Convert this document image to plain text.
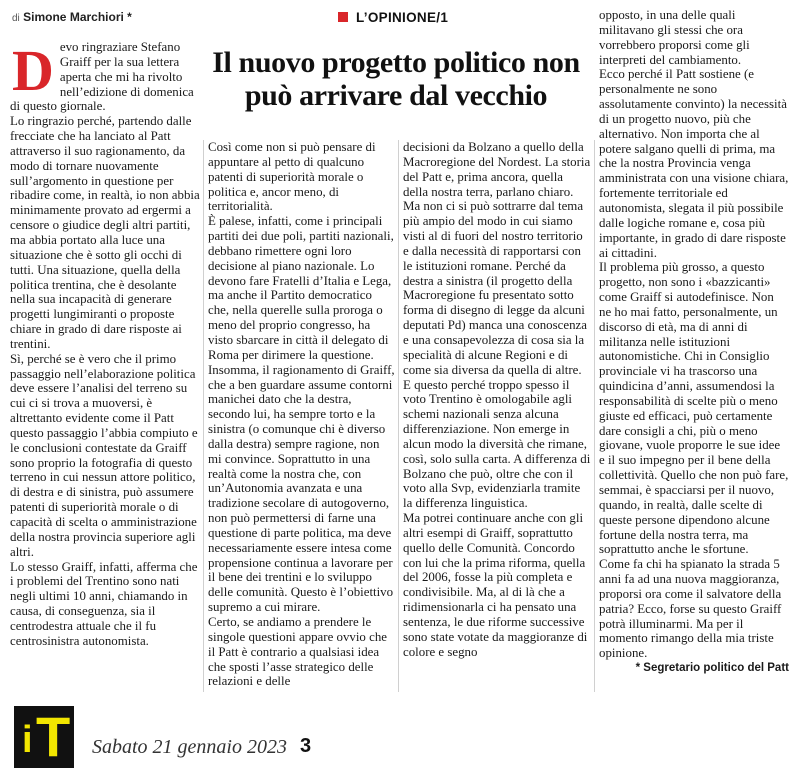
di Simone Marchiori *	L’OPINIONE/1
Il nuovo progetto politico non può arrivare dal vecchio
D evo ringraziare Stefano Graiff per la sua lettera aperta che mi ha rivolto nell’edizione di domenica di questo giornale.

Lo ringrazio perché, partendo dalle frecciate che ha lanciato al Patt attraverso il suo ragionamento, da modo di tornare nuovamente sull’argomento in questione per ribadire come, in realtà, io non abbia minimamente provato ad ergermi a censore o giudice degli altri partiti, ma abbia portato alla luce una situazione che è sotto gli occhi di tutti. Una situazione, quella della politica trentina, che è desolante nella sua incapacità di generare progetti lungimiranti o proposte chiare in grado di dare risposte ai trentini.

Sì, perché se è vero che il primo passaggio nell’elaborazione politica deve essere l’analisi del terreno su cui ci si trova a muoversi, è altrettanto evidente come il Patt questo passaggio l’abbia compiuto e le conclusioni contestate da Graiff sono proprio la fotografia di questo terreno in cui nessun attore politico, di destra e di sinistra, può assumere patenti di superiorità morale o di capacità di scelta o amministrazione della nostra provincia superiore agli altri.

Lo stesso Graiff, infatti, afferma che i problemi del Trentino sono nati negli ultimi 10 anni, chiamando in causa, di conseguenza, sia il centrodestra attuale che il fu centrosinistra autonomista.

Così come non si può pensare di appuntare al petto di qualcuno patenti di superiorità morale o politica e, ancor meno, di territorialità.

È palese, infatti, come i principali partiti dei due poli, partiti nazionali, debbano rimettere ogni loro decisione al piano nazionale. Lo devono fare Fratelli d’Italia e Lega, ma anche il Partito democratico che, nella querelle sulla proroga o meno del proprio congresso, ha visto sbarcare in città il delegato di Roma per dirimere la questione.

Insomma, il ragionamento di Graiff, che a ben guardare assume contorni manichei dato che la destra, secondo lui, ha sempre torto e la sinistra (o comunque chi è diverso dalla destra) sempre ragione, non mi convince. Soprattutto in una realtà come la nostra che, con un’Autonomia avanzata e una tradizione secolare di autogoverno, non può permettersi di farne una questione di parte politica, ma deve necessariamente essere intesa come propensione continua a lavorare per il bene dei trentini e lo sviluppo delle comunità. Questo è l’obiettivo supremo a cui mirare.

Certo, se andiamo a prendere le singole questioni appare ovvio che il Patt è contrario a qualsiasi idea che sposti l’asse strategico delle relazioni e delle

decisioni da Bolzano a quello della Macroregione del Nordest. La storia del Patt e, prima ancora, quella della nostra terra, parlano chiaro. Ma non ci si può sottrarre dal tema più ampio del modo in cui siamo visti al di fuori del nostro territorio e dalla necessità di rapportarsi con le istituzioni romane. Perché da destra a sinistra (il progetto della Macroregione fu presentato sotto forma di disegno di legge da alcuni deputati Pd) manca una conoscenza e una consapevolezza di cosa sia la specialità di alcune Regioni e di come sia diversa da quella di altre. E questo perché troppo spesso il voto Trentino è omologabile agli schemi nazionali senza alcuna differenziazione. Non emerge in alcun modo la diversità che rimane, così, solo sulla carta. A differenza di Bolzano che può, oltre che con il voto alla Svp, evidenziarla tramite la differenza linguistica.

Ma potrei continuare anche con gli altri esempi di Graiff, soprattutto quello delle Comunità. Concordo con lui che la prima riforma, quella del 2006, fosse la più completa e condivisibile. Ma, al di là che a ridimensionarla ci ha pensato una sentenza, le due riforme successive sono state votate da maggioranze di colore e segno

opposto, in una delle quali militavano gli stessi che ora vorrebbero proporsi come gli interpreti del cambiamento.

Ecco perché il Patt sostiene (e personalmente ne sono assolutamente convinto) la necessità di un progetto nuovo, più che alternativo. Non importa che al potere salgano quelli di prima, ma che la nostra Provincia venga amministrata con una visione chiara, fortemente territoriale ed autonomista, slegata il più possibile dalle logiche romane e, cosa più importante, in grado di dare risposte ai cittadini.

Il problema più grosso, a questo progetto, non sono i «bazzicanti» come Graiff si autodefinisce. Non ne ho mai fatto, personalmente, un discorso di età, ma di anni di militanza nelle istituzioni autonomistiche. Chi in Consiglio provinciale vi ha trascorso una quindicina d’anni, assumendosi la responsabilità di scelte più o meno giuste ed efficaci, può certamente dare consigli a chi, più o meno giovane, vuole proporre le sue idee e il suo impegno per il bene della collettività. Quello che non può fare, semmai, è spacciarsi per il nuovo, quando, in realtà, dalle scelte di queste persone dipendono alcune fortune della nostra terra, ma soprattutto anche le sfortune.

Come fa chi ha spianato la strada 5 anni fa ad una nuova maggioranza, proporsi ora come il salvatore della patria? Ecco, forse su questo Graiff potrà illuminarmi. Ma per il momento rimango della mia triste opinione.

* Segretario politico del Patt

i T Sabato 21 gennaio 2023 3
